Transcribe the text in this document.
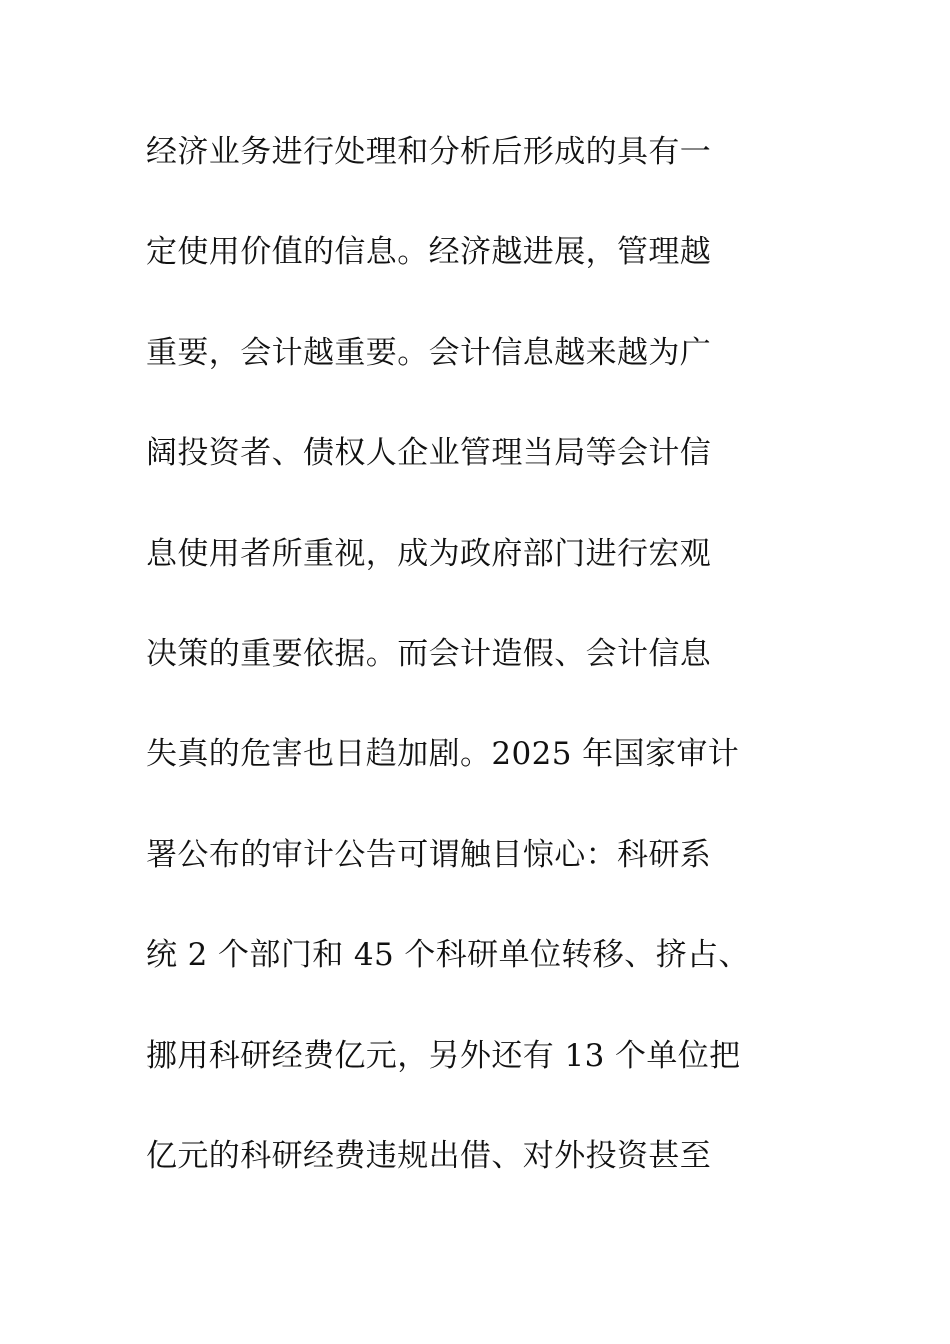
经济业务进行处理和分析后形成的具有一
定使用价值的信息。经济越进展，管理越
重要，会计越重要。会计信息越来越为广
阔投资者、债权人企业管理当局等会计信
息使用者所重视，成为政府部门进行宏观
决策的重要依据。而会计造假、会计信息
失真的危害也日趋加剧。2025 年国家审计
署公布的审计公告可谓触目惊心：科研系
统 2 个部门和 45 个科研单位转移、挤占、
挪用科研经费亿元，另外还有 13 个单位把
亿元的科研经费违规出借、对外投资甚至
